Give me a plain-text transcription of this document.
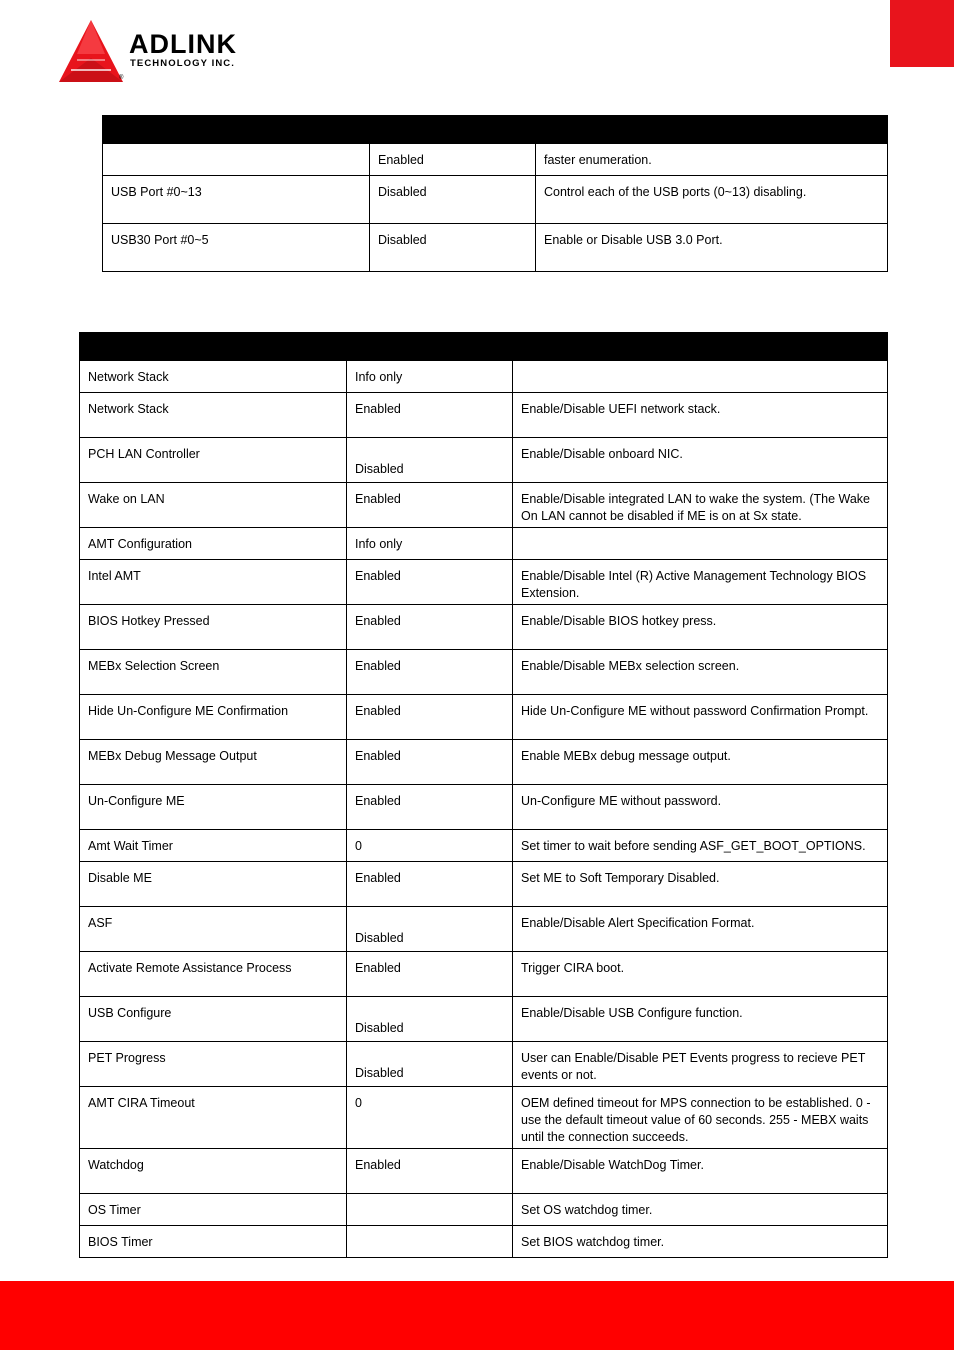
ADLINK
TECHNOLOGY INC.
®

	Enabled	faster enumeration.
USB Port #0~13	Disabled	Control each of the USB ports (0~13) disabling.
USB30 Port #0~5	Disabled	Enable or Disable USB 3.0 Port.

Network Stack	Info only	
Network Stack	Enabled	Enable/Disable UEFI network stack.
PCH LAN Controller	Disabled	Enable/Disable onboard NIC.
Wake on LAN	Enabled	Enable/Disable integrated LAN to wake the system. (The Wake On LAN cannot be disabled if ME is on at Sx state.
AMT Configuration	Info only	
Intel AMT	Enabled	Enable/Disable Intel (R) Active Management Technology BIOS Extension.
BIOS Hotkey Pressed	Enabled	Enable/Disable BIOS hotkey press.
MEBx Selection Screen	Enabled	Enable/Disable MEBx selection screen.
Hide Un-Configure ME Confirmation	Enabled	Hide Un-Configure ME without password Confirmation Prompt.
MEBx Debug Message Output	Enabled	Enable MEBx debug message output.
Un-Configure ME	Enabled	Un-Configure ME without password.
Amt Wait Timer	0	Set timer to wait before sending ASF_GET_BOOT_OPTIONS.
Disable ME	Enabled	Set ME to Soft Temporary Disabled.
ASF	Disabled	Enable/Disable Alert Specification Format.
Activate Remote Assistance Process	Enabled	Trigger CIRA boot.
USB Configure	Disabled	Enable/Disable USB Configure function.
PET Progress	Disabled	User can Enable/Disable PET Events progress to recieve PET events or not.
AMT CIRA Timeout	0	OEM defined timeout for MPS connection to be established. 0 - use the default timeout value of 60 seconds. 255 - MEBX waits until the connection succeeds.
Watchdog	Enabled	Enable/Disable WatchDog Timer.
OS Timer		Set OS watchdog timer.
BIOS Timer		Set BIOS watchdog timer.
